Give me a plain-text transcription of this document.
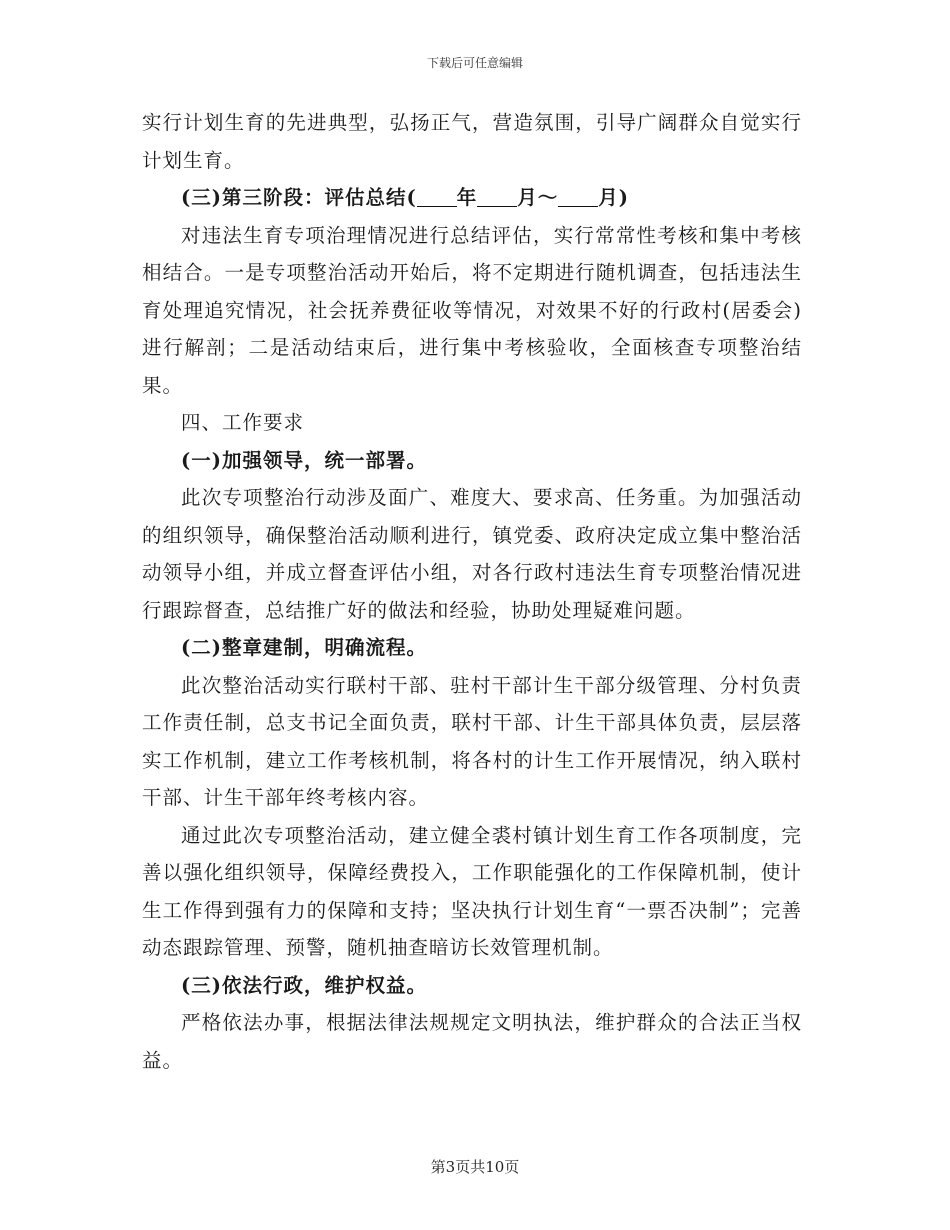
下载后可任意编辑

实行计划生育的先进典型，弘扬正气，营造氛围，引导广阔群众自觉实行计划生育。

(三)第三阶段：评估总结( 年 月～ 月)

对违法生育专项治理情况进行总结评估，实行常常性考核和集中考核相结合。一是专项整治活动开始后，将不定期进行随机调查，包括违法生育处理追究情况，社会抚养费征收等情况，对效果不好的行政村(居委会)进行解剖；二是活动结束后，进行集中考核验收，全面核查专项整治结果。

四、工作要求

(一)加强领导，统一部署。

此次专项整治行动涉及面广、难度大、要求高、任务重。为加强活动的组织领导，确保整治活动顺利进行，镇党委、政府决定成立集中整治活动领导小组，并成立督查评估小组，对各行政村违法生育专项整治情况进行跟踪督查，总结推广好的做法和经验，协助处理疑难问题。

(二)整章建制，明确流程。

此次整治活动实行联村干部、驻村干部计生干部分级管理、分村负责工作责任制，总支书记全面负责，联村干部、计生干部具体负责，层层落实工作机制，建立工作考核机制，将各村的计生工作开展情况，纳入联村干部、计生干部年终考核内容。

通过此次专项整治活动，建立健全裘村镇计划生育工作各项制度，完善以强化组织领导，保障经费投入，工作职能强化的工作保障机制，使计生工作得到强有力的保障和支持；坚决执行计划生育“一票否决制”；完善动态跟踪管理、预警，随机抽查暗访长效管理机制。

(三)依法行政，维护权益。

严格依法办事，根据法律法规规定文明执法，维护群众的合法正当权益。

第3页共10页
